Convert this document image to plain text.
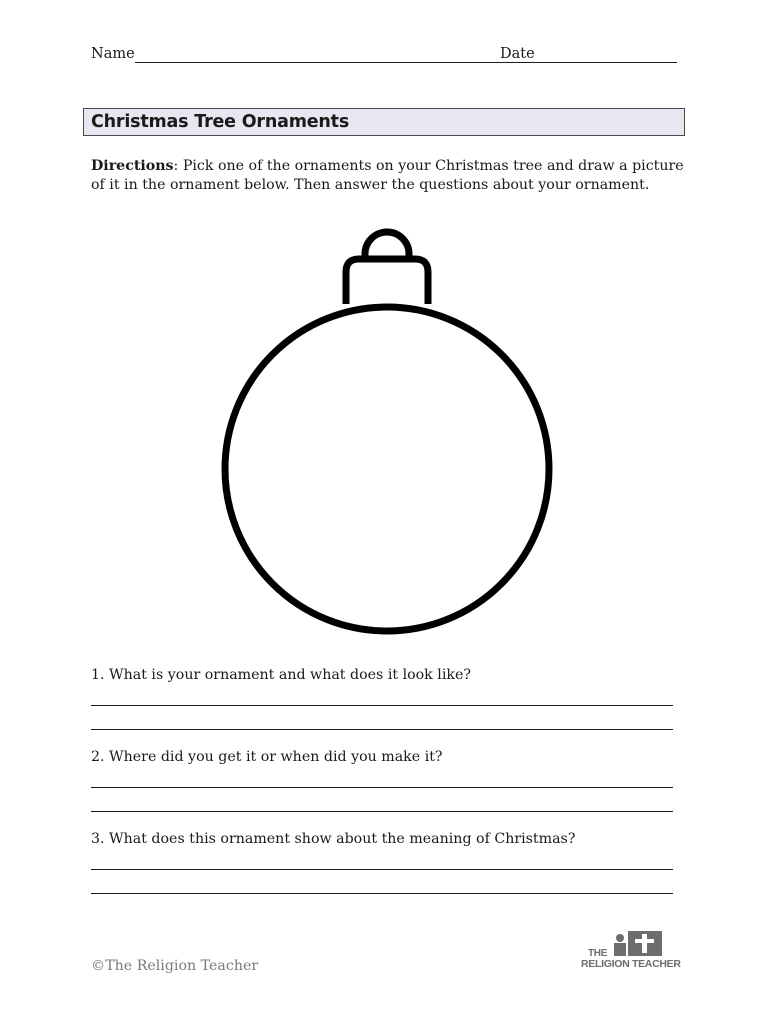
Name	Date
Christmas Tree Ornaments
Directions: Pick one of the ornaments on your Christmas tree and draw a picture of it in the ornament below. Then answer the questions about your ornament.
1. What is your ornament and what does it look like?
2. Where did you get it or when did you make it?
3. What does this ornament show about the meaning of Christmas?
©The Religion Teacher
THE
RELIGION TEACHER
